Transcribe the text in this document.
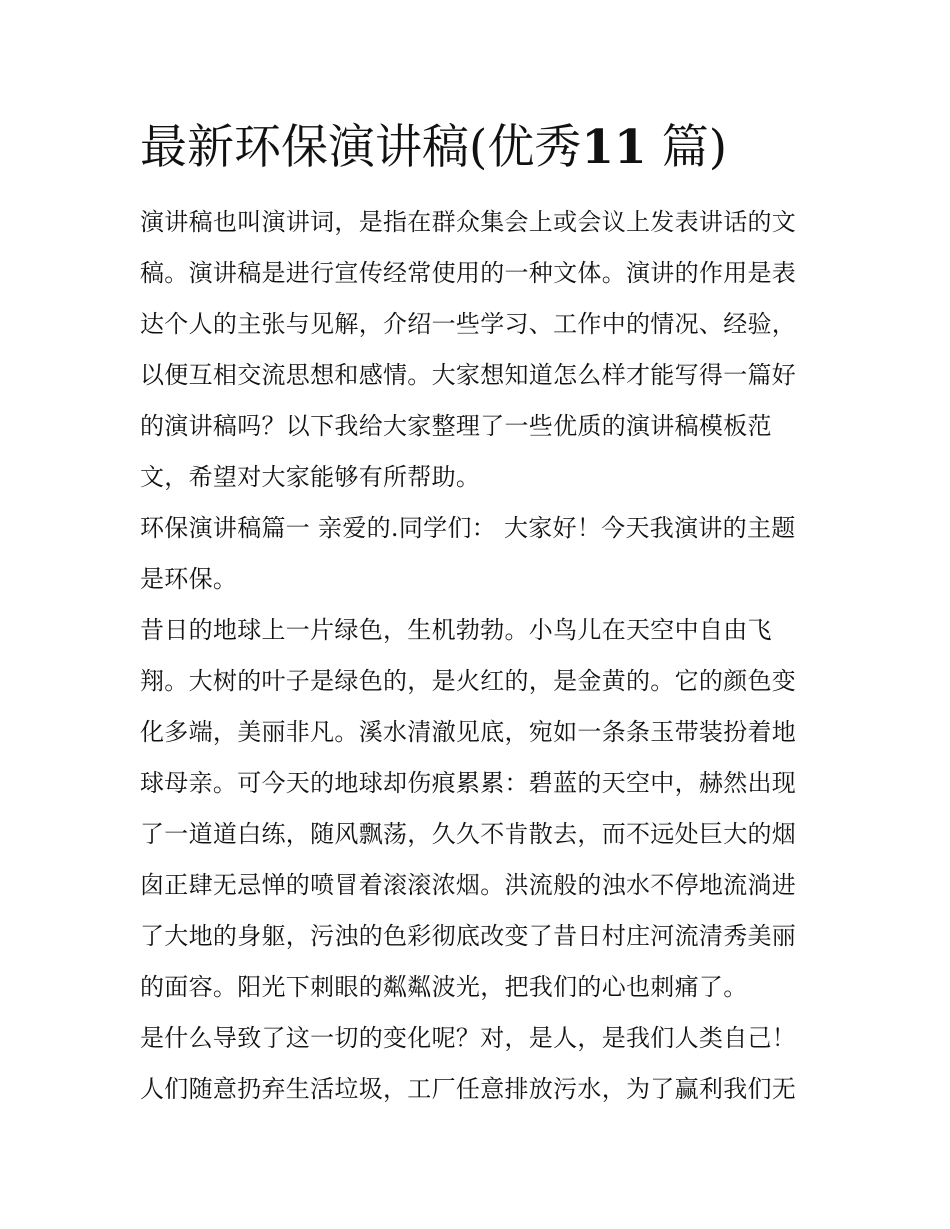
最新环保演讲稿(优秀11 篇)

演讲稿也叫演讲词，是指在群众集会上或会议上发表讲话的文
稿。演讲稿是进行宣传经常使用的一种文体。演讲的作用是表
达个人的主张与见解，介绍一些学习、工作中的情况、经验，
以便互相交流思想和感情。大家想知道怎么样才能写得一篇好
的演讲稿吗？以下我给大家整理了一些优质的演讲稿模板范
文，希望对大家能够有所帮助。

环保演讲稿篇一 亲爱的.同学们： 大家好！今天我演讲的主题
是环保。

昔日的地球上一片绿色，生机勃勃。小鸟儿在天空中自由飞
翔。大树的叶子是绿色的，是火红的，是金黄的。它的颜色变
化多端，美丽非凡。溪水清澈见底，宛如一条条玉带装扮着地
球母亲。可今天的地球却伤痕累累：碧蓝的天空中，赫然出现
了一道道白练，随风飘荡，久久不肯散去，而不远处巨大的烟
囱正肆无忌惮的喷冒着滚滚浓烟。洪流般的浊水不停地流淌进
了大地的身躯，污浊的色彩彻底改变了昔日村庄河流清秀美丽
的面容。阳光下刺眼的粼粼波光，把我们的心也刺痛了。

是什么导致了这一切的变化呢？对，是人，是我们人类自己！
人们随意扔弃生活垃圾，工厂任意排放污水，为了赢利我们无
